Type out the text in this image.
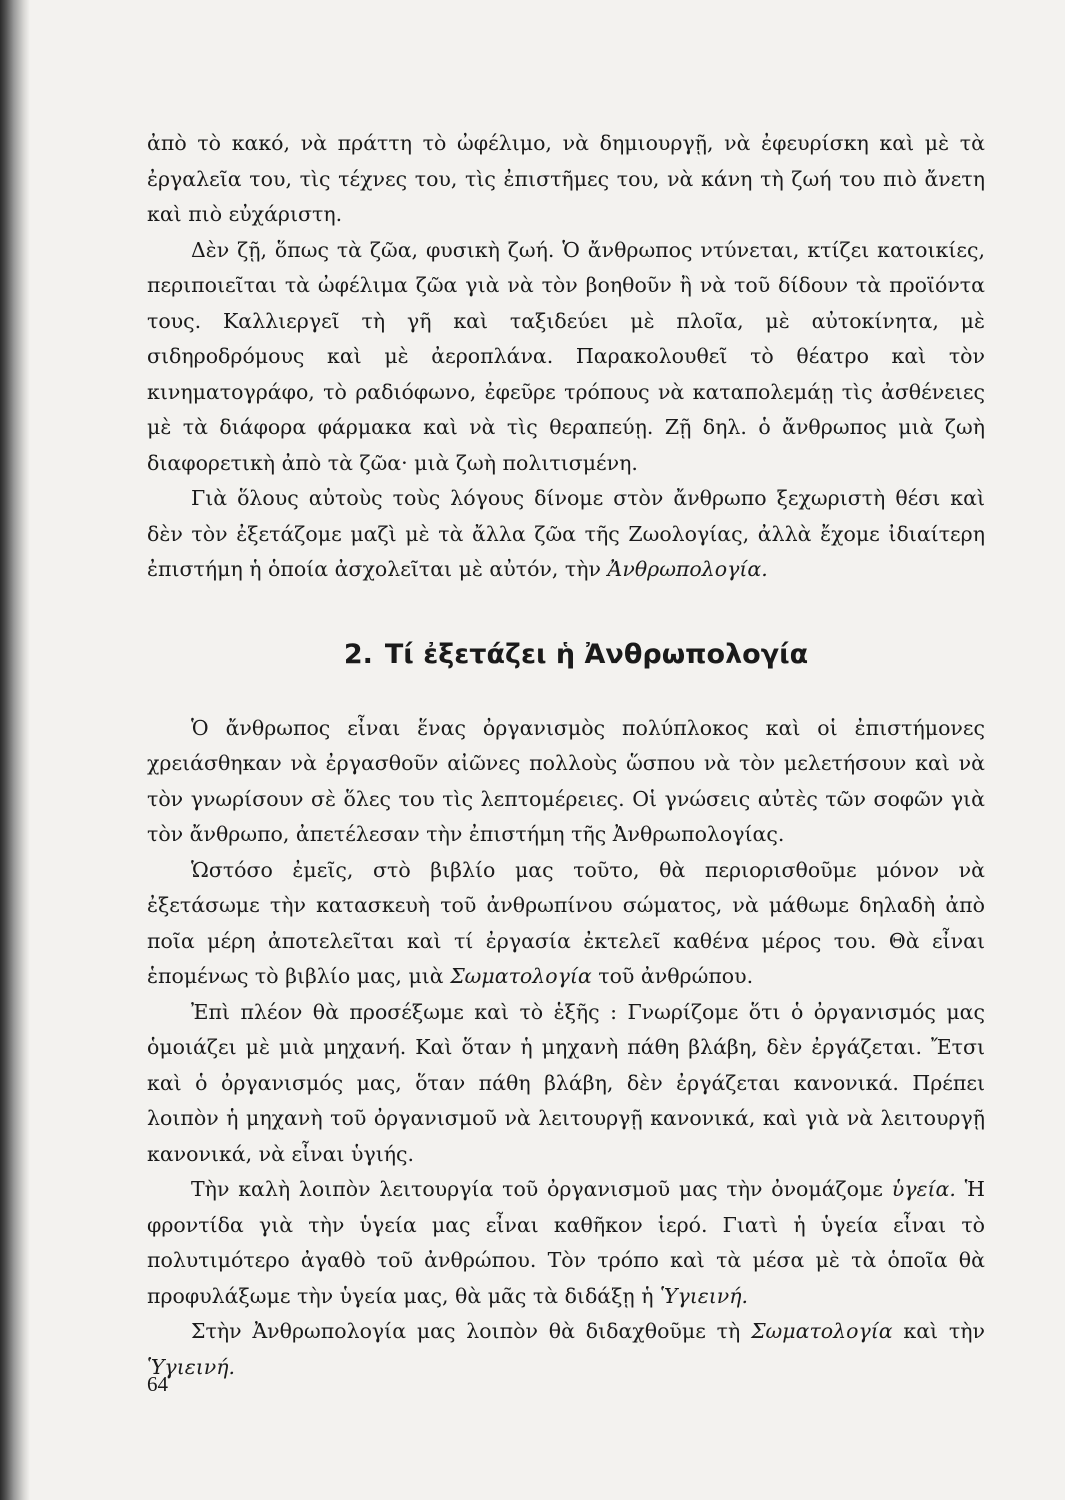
ἀπὸ τὸ κακό, νὰ πράττη τὸ ὠφέλιμο, νὰ δημιουργῇ, νὰ ἐφευρίσκη καὶ μὲ τὰ ἐργαλεῖα του, τὶς τέχνες του, τὶς ἐπιστῆμες του, νὰ κάνη τὴ ζωή του πιὸ ἄνετη καὶ πιὸ εὐχάριστη.

Δὲν ζῇ, ὅπως τὰ ζῶα, φυσικὴ ζωή. Ὁ ἄνθρωπος ντύνεται, κτίζει κατοικίες, περιποιεῖται τὰ ὠφέλιμα ζῶα γιὰ νὰ τὸν βοηθοῦν ἢ νὰ τοῦ δίδουν τὰ προϊόντα τους. Καλλιεργεῖ τὴ γῆ καὶ ταξιδεύει μὲ πλοῖα, μὲ αὐτοκίνητα, μὲ σιδηροδρόμους καὶ μὲ ἀεροπλάνα. Παρακολουθεῖ τὸ θέατρο καὶ τὸν κινηματογράφο, τὸ ραδιόφωνο, ἐφεῦρε τρόπους νὰ καταπολεμάῃ τὶς ἀσθένειες μὲ τὰ διάφορα φάρμακα καὶ νὰ τὶς θεραπεύῃ. Ζῇ δηλ. ὁ ἄνθρωπος μιὰ ζωὴ διαφορετικὴ ἀπὸ τὰ ζῶα· μιὰ ζωὴ πολιτισμένη.

Γιὰ ὅλους αὐτοὺς τοὺς λόγους δίνομε στὸν ἄνθρωπο ξεχωριστὴ θέσι καὶ δὲν τὸν ἐξετάζομε μαζὶ μὲ τὰ ἄλλα ζῶα τῆς Ζωολογίας, ἀλλὰ ἔχομε ἰδιαίτερη ἐπιστήμη ἡ ὁποία ἀσχολεῖται μὲ αὐτόν, τὴν Ἀνθρωπολογία.

2. Τί ἐξετάζει ἡ Ἀνθρωπολογία

Ὁ ἄνθρωπος εἶναι ἕνας ὀργανισμὸς πολύπλοκος καὶ οἱ ἐπιστήμονες χρειάσθηκαν νὰ ἐργασθοῦν αἰῶνες πολλοὺς ὥσπου νὰ τὸν μελετήσουν καὶ νὰ τὸν γνωρίσουν σὲ ὅλες του τὶς λεπτομέρειες. Οἱ γνώσεις αὐτὲς τῶν σοφῶν γιὰ τὸν ἄνθρωπο, ἀπετέλεσαν τὴν ἐπιστήμη τῆς Ἀνθρωπολογίας.

Ὡστόσο ἐμεῖς, στὸ βιβλίο μας τοῦτο, θὰ περιορισθοῦμε μόνον νὰ ἐξετάσωμε τὴν κατασκευὴ τοῦ ἀνθρωπίνου σώματος, νὰ μάθωμε δηλαδὴ ἀπὸ ποῖα μέρη ἀποτελεῖται καὶ τί ἐργασία ἐκτελεῖ καθένα μέρος του. Θὰ εἶναι ἑπομένως τὸ βιβλίο μας, μιὰ Σωματολογία τοῦ ἀνθρώπου.

Ἐπὶ πλέον θὰ προσέξωμε καὶ τὸ ἑξῆς : Γνωρίζομε ὅτι ὁ ὀργανισμός μας ὁμοιάζει μὲ μιὰ μηχανή. Καὶ ὅταν ἡ μηχανὴ πάθη βλάβη, δὲν ἐργάζεται. Ἔτσι καὶ ὁ ὀργανισμός μας, ὅταν πάθη βλάβη, δὲν ἐργάζεται κανονικά. Πρέπει λοιπὸν ἡ μηχανὴ τοῦ ὀργανισμοῦ νὰ λειτουργῇ κανονικά, καὶ γιὰ νὰ λειτουργῇ κανονικά, νὰ εἶναι ὑγιής.

Τὴν καλὴ λοιπὸν λειτουργία τοῦ ὀργανισμοῦ μας τὴν ὀνομάζομε ὑγεία. Ἡ φροντίδα γιὰ τὴν ὑγεία μας εἶναι καθῆκον ἱερό. Γιατὶ ἡ ὑγεία εἶναι τὸ πολυτιμότερο ἀγαθὸ τοῦ ἀνθρώπου. Τὸν τρόπο καὶ τὰ μέσα μὲ τὰ ὁποῖα θὰ προφυλάξωμε τὴν ὑγεία μας, θὰ μᾶς τὰ διδάξῃ ἡ Ὑγιεινή.

Στὴν Ἀνθρωπολογία μας λοιπὸν θὰ διδαχθοῦμε τὴ Σωματολογία καὶ τὴν Ὑγιεινή.

64
